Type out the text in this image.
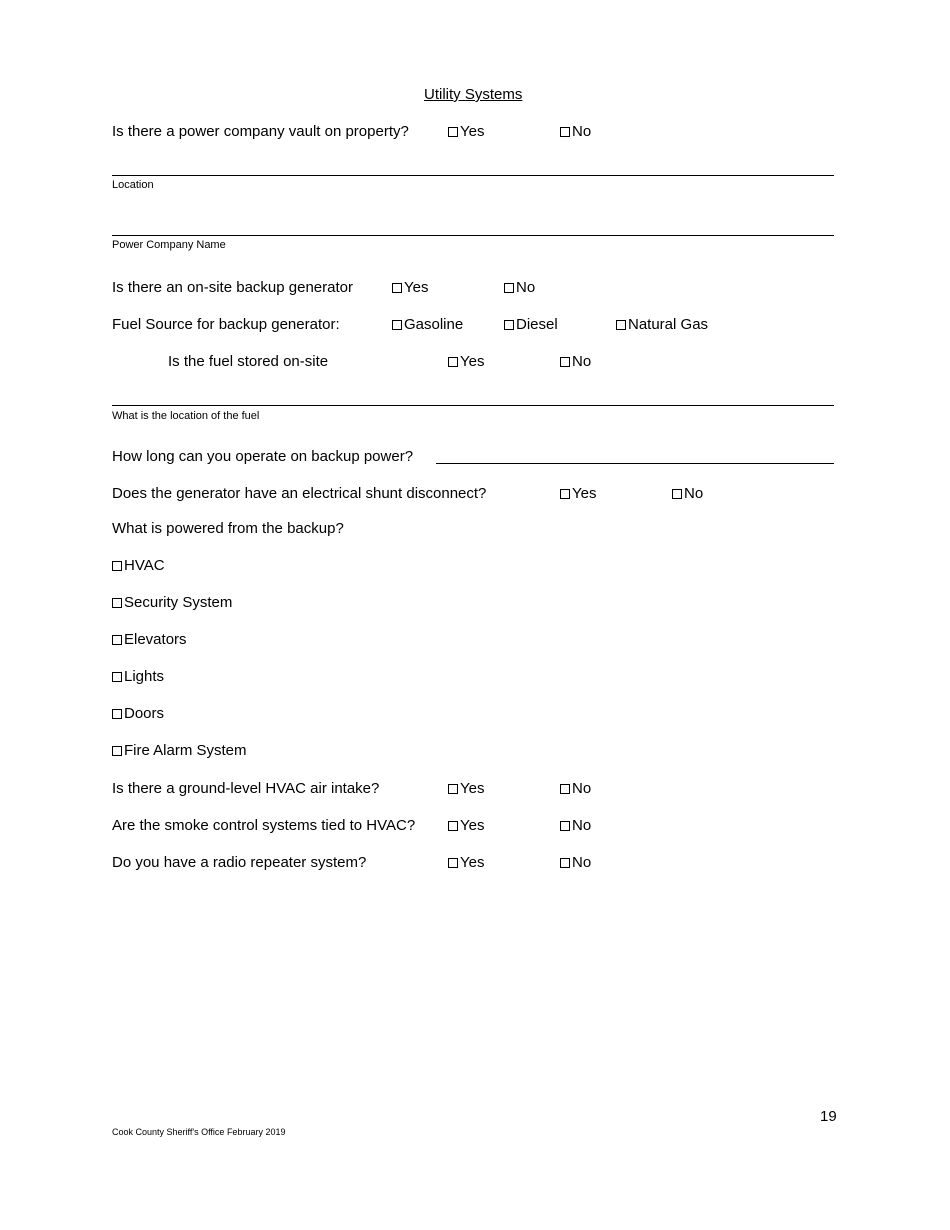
Utility Systems
Is there a power company vault on property?	Yes	No
Location
Power Company Name
Is there an on-site backup generator	Yes	No
Fuel Source for backup generator:	Gasoline	Diesel	Natural Gas
Is the fuel stored on-site	Yes	No
What is the location of the fuel
How long can you operate on backup power?
Does the generator have an electrical shunt disconnect?	Yes	No
What is powered from the backup?
HVAC
Security System
Elevators
Lights
Doors
Fire Alarm System
Is there a ground-level HVAC air intake?	Yes	No
Are the smoke control systems tied to HVAC?	Yes	No
Do you have a radio repeater system?	Yes	No
19
Cook County Sheriff's Office February 2019
